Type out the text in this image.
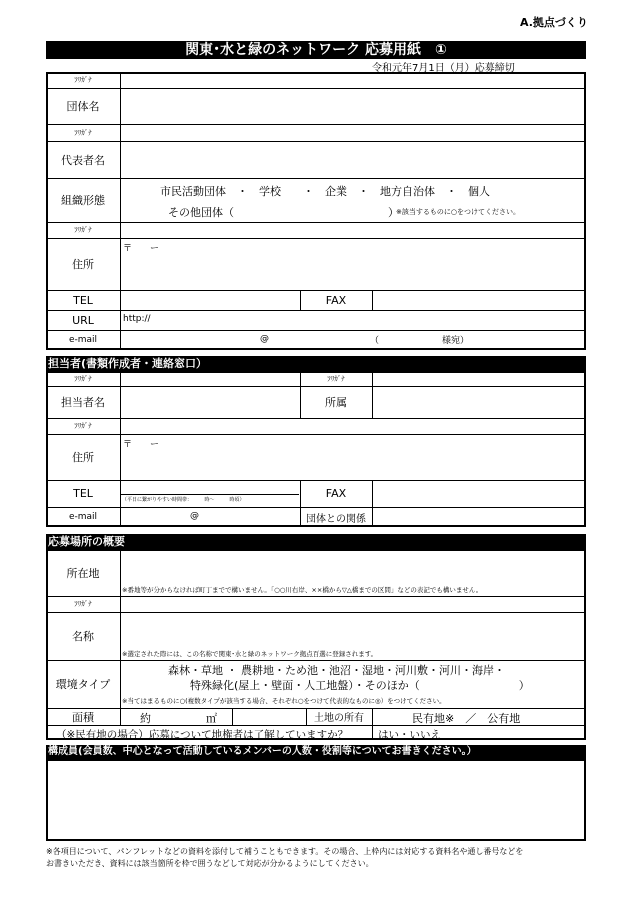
A.拠点づくり
関東･水と緑のネットワーク 応募用紙　①
令和元年7月1日（月）応募締切
ﾌﾘｶﾞﾅ
団体名
ﾌﾘｶﾞﾅ
代表者名
組織形態
市民活動団体　・　学校　　・　企業　・　地方自治体　・　個人
その他団体（　　　　　　　　　　　　　　）
※該当するものに○をつけてください。
ﾌﾘｶﾞﾅ
住所
〒　　ー
TEL	FAX
URL	http://
e-mail	@	（　　　　　　　様宛）
担当者(書類作成者・連絡窓口）
ﾌﾘｶﾞﾅ	ﾌﾘｶﾞﾅ
担当者名	所属
ﾌﾘｶﾞﾅ
住所
〒　　ー
TEL	（平日に繋がりやすい時間帯：　　　時～　　　時頃）	FAX
e-mail	@	団体との関係
応募場所の概要
所在地
※番地等が分からなければ町丁までで構いません。「○○川右岸、××橋から▽△橋までの区間」などの表記でも構いません。
ﾌﾘｶﾞﾅ
名称
※選定された際には、この名称で関東･水と緑のネットワーク拠点百選に登録されます。
環境タイプ
森林・草地 ・ 農耕地・ため池・池沼・湿地・河川敷・河川・海岸・
特殊緑化(屋上・壁面・人工地盤）・そのほか（　　　　　　　　　）
※当てはまるものに○(複数タイプが該当する場合、それぞれ○をつけて代表的なものに◎）をつけてください。
面積	約　　　　　㎡	土地の所有	民有地※　／　公有地
（※民有地の場合）応募について地権者は了解していますか？	はい・いいえ
構成員(会員数、中心となって活動しているメンバーの人数・役割等についてお書きください。）
※各項目について、パンフレットなどの資料を添付して補うこともできます。その場合、上枠内には対応する資料名や通し番号などを
お書きいただき、資料には該当箇所を枠で囲うなどして対応が分かるようにしてください。
